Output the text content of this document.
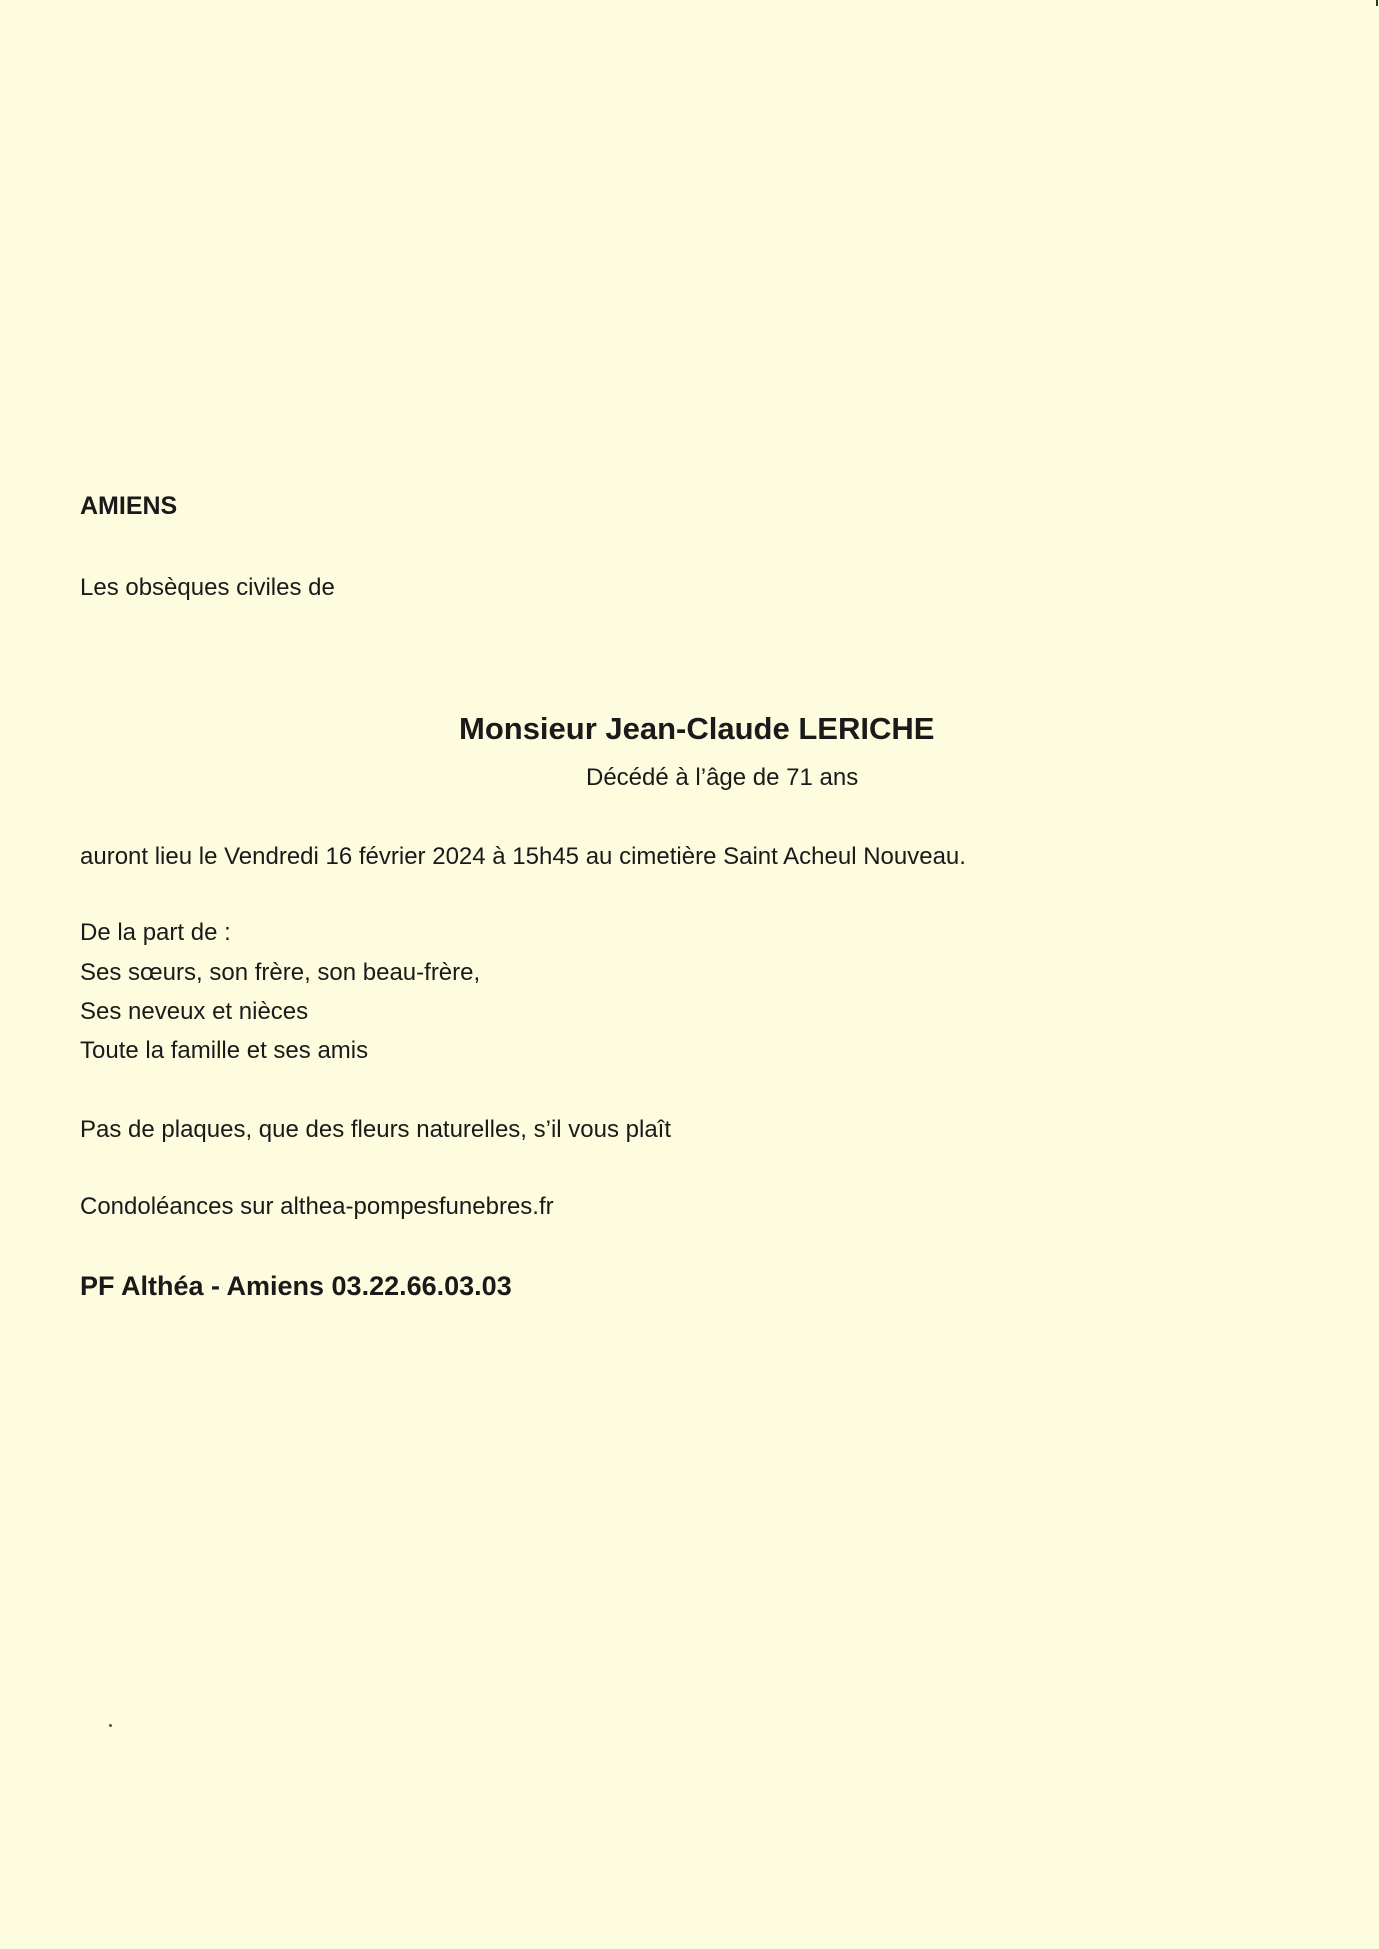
AMIENS
Les obsèques civiles de
Monsieur Jean-Claude LERICHE
Décédé à l’âge de 71 ans
auront lieu le Vendredi 16 février 2024 à 15h45 au cimetière Saint Acheul Nouveau.
De la part de :
Ses sœurs, son frère, son beau-frère,
Ses neveux et nièces
Toute la famille et ses amis
Pas de plaques, que des fleurs naturelles, s’il vous plaît
Condoléances sur althea-pompesfunebres.fr
PF Althéa - Amiens 03.22.66.03.03
